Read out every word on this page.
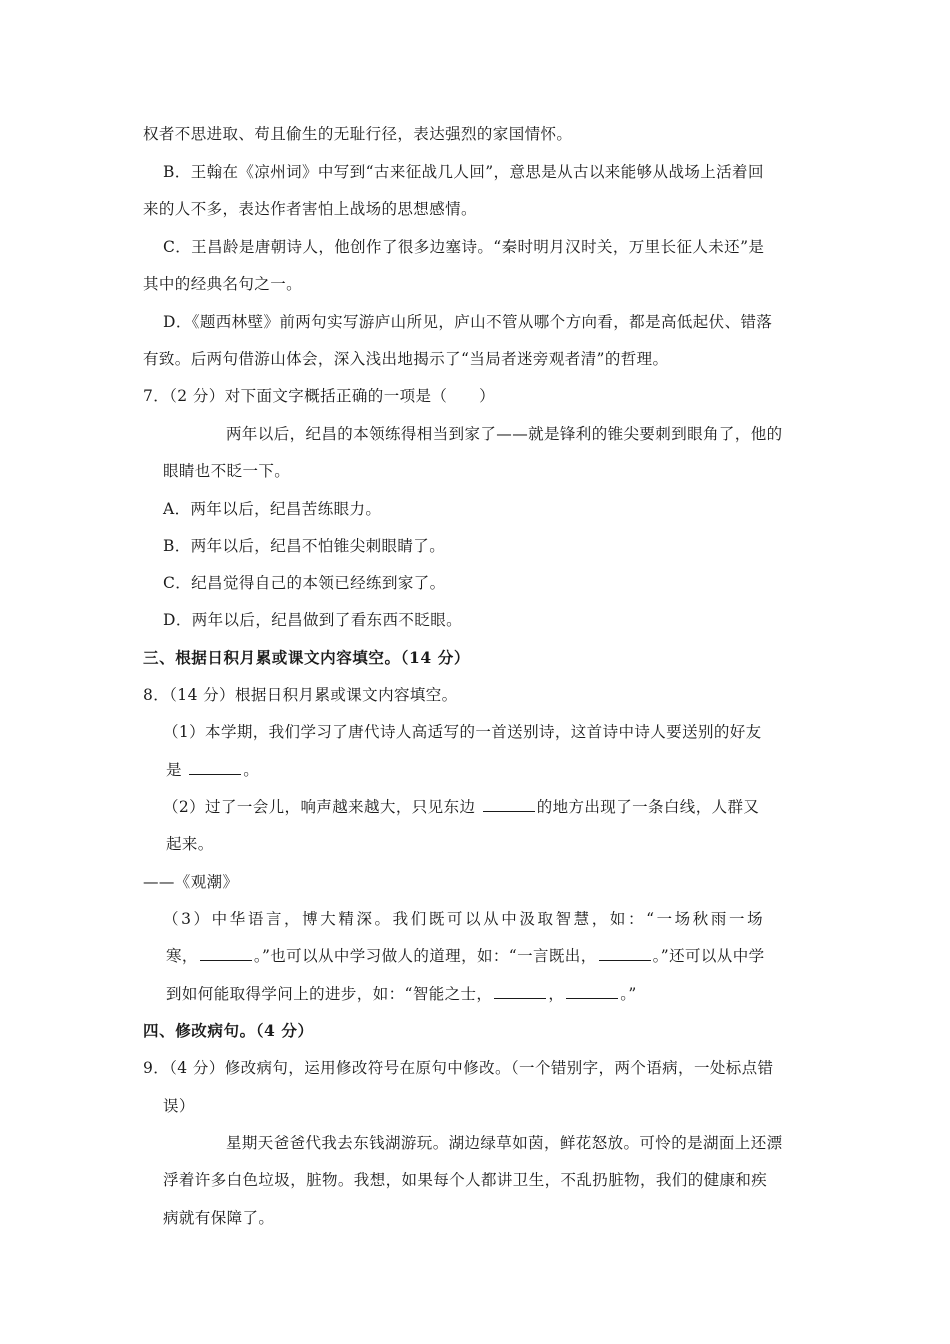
权者不思进取、苟且偷生的无耻行径，表达强烈的家国情怀。
B．王翰在《凉州词》中写到“古来征战几人回”，意思是从古以来能够从战场上活着回
来的人不多，表达作者害怕上战场的思想感情。
C．王昌龄是唐朝诗人，他创作了很多边塞诗。“秦时明月汉时关，万里长征人未还”是
其中的经典名句之一。
D．《题西林壁》前两句实写游庐山所见，庐山不管从哪个方向看，都是高低起伏、错落
有致。后两句借游山体会，深入浅出地揭示了“当局者迷旁观者清”的哲理。
7．（2 分）对下面文字概括正确的一项是（　　）
两年以后，纪昌的本领练得相当到家了——就是锋利的锥尖要刺到眼角了，他的
眼睛也不眨一下。
A．两年以后，纪昌苦练眼力。
B．两年以后，纪昌不怕锥尖刺眼睛了。
C．纪昌觉得自己的本领已经练到家了。
D．两年以后，纪昌做到了看东西不眨眼。
三、根据日积月累或课文内容填空。（14 分）
8．（14 分）根据日积月累或课文内容填空。
（1）本学期，我们学习了唐代诗人高适写的一首送别诗，这首诗中诗人要送别的好友
是	。
（2）过了一会儿，响声越来越大，只见东边	的地方出现了一条白线，人群又
起来。
——《观潮》
（3）中华语言，博大精深。我们既可以从中汲取智慧，如：“一场秋雨一场
寒，	。”也可以从中学习做人的道理，如：“一言既出，	。”还可以从中学
到如何能取得学问上的进步，如：“智能之士，	，	。”
四、修改病句。（4 分）
9．（4 分）修改病句，运用修改符号在原句中修改。（一个错别字，两个语病，一处标点错
误）
星期天爸爸代我去东钱湖游玩。湖边绿草如茵，鲜花怒放。可怜的是湖面上还漂
浮着许多白色垃圾，脏物。我想，如果每个人都讲卫生，不乱扔脏物，我们的健康和疾
病就有保障了。
